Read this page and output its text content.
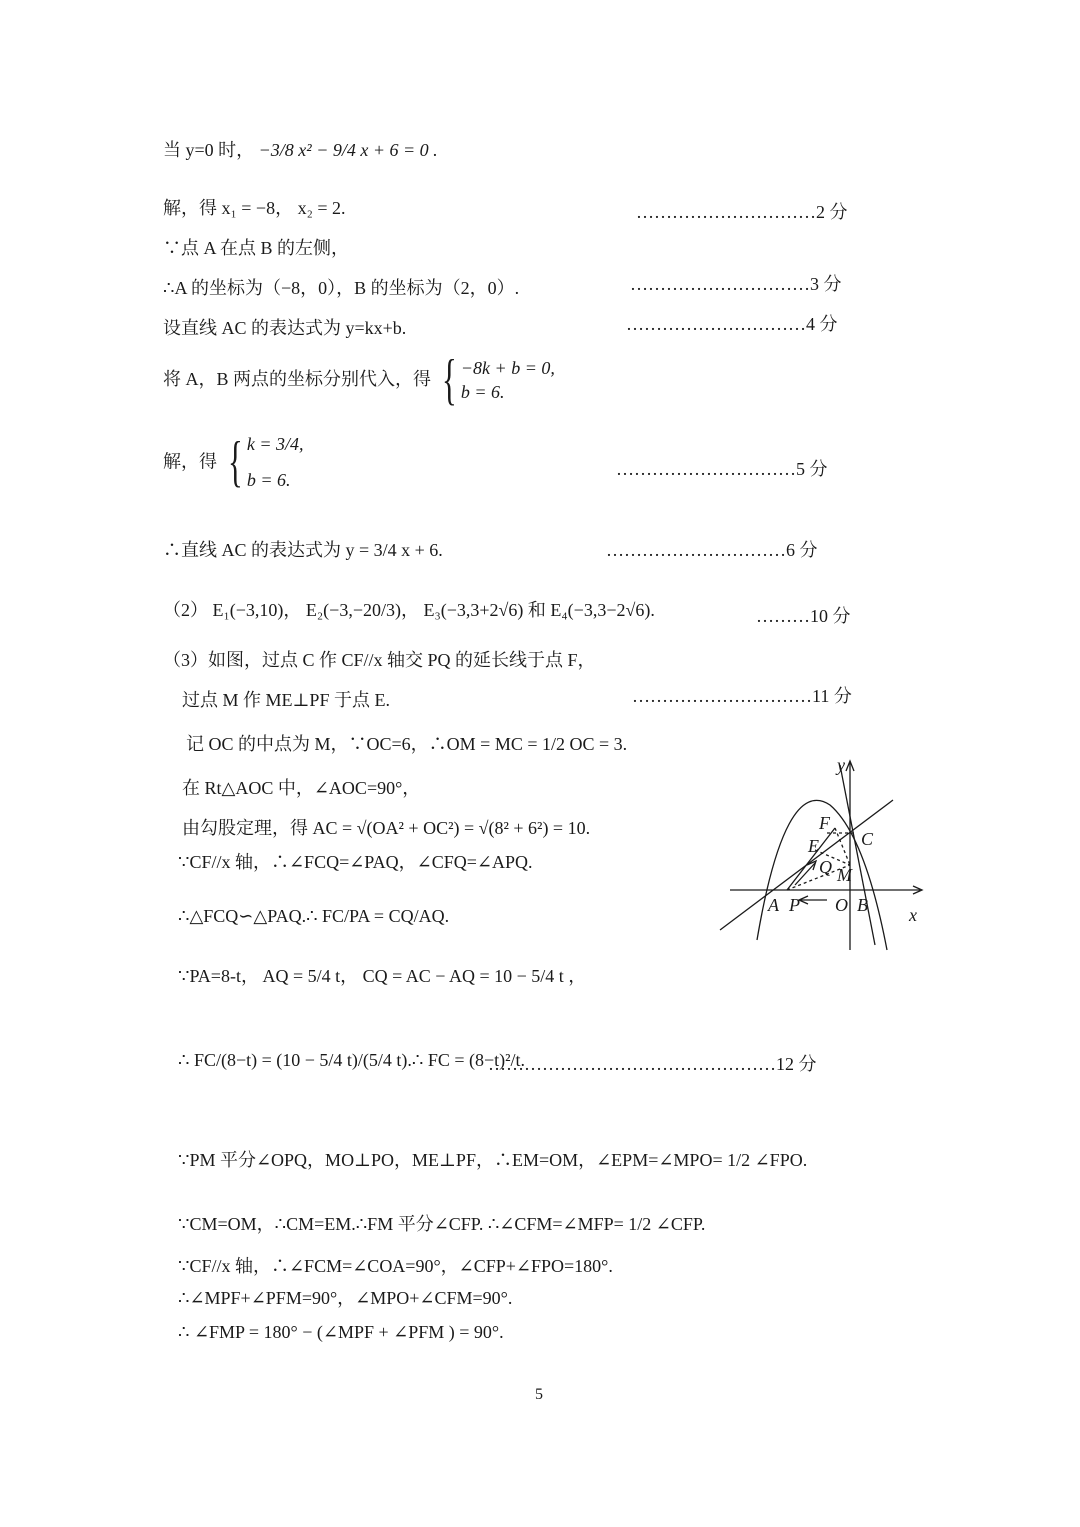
当 y=0 时， −3/8 x² − 9/4 x + 6 = 0 .
解，得 x₁ = −8， x₂ = 2.	…………………………2 分
∵点 A 在点 B 的左侧，
∴A 的坐标为（−8，0），B 的坐标为（2，0）.	…………………………3 分
设直线 AC 的表达式为 y=kx+b.	…………………………4 分
将 A，B 两点的坐标分别代入，得 { −8k + b = 0,
b = 6.
解，得 { k = 3/4,
b = 6.
…………………………5 分
∴直线 AC 的表达式为 y = 3/4 x + 6.	…………………………6 分
（2） E₁(−3,10)， E₂(−3,−20/3)， E₃(−3,3+2√6) 和 E₄(−3,3−2√6).	………10 分
（3）如图，过点 C 作 CF//x 轴交 PQ 的延长线于点 F，
过点 M 作 ME⊥PF 于点 E.	…………………………11 分
记 OC 的中点为 M，∵OC=6，∴OM = MC = 1/2 OC = 3.
在 Rt△AOC 中，∠AOC=90°，
由勾股定理，得 AC = √(OA² + OC²) = √(8² + 6²) = 10.
∵CF//x 轴，∴∠FCQ=∠PAQ，∠CFQ=∠APQ.
∴△FCQ∽△PAQ.∴ FC/PA = CQ/AQ.
∵PA=8-t， AQ = 5/4 t， CQ = AC − AQ = 10 − 5/4 t ，
∴ FC/(8−t) = (10 − 5/4 t)/(5/4 t).∴ FC = (8−t)²/t.
…………………………………………12 分
∵PM 平分∠OPQ，MO⊥PO，ME⊥PF，∴EM=OM，∠EPM=∠MPO= 1/2 ∠FPO.
∵CM=OM，∴CM=EM.∴FM 平分∠CFP. ∴∠CFM=∠MFP= 1/2 ∠CFP.
∵CF//x 轴，∴∠FCM=∠COA=90°，∠CFP+∠FPO=180°.
∴∠MPF+∠PFM=90°，∠MPO+∠CFM=90°.
∴ ∠FMP = 180° − (∠MPF + ∠PFM ) = 90°.
y
x
F
C
E
Q M
A P O B
5
